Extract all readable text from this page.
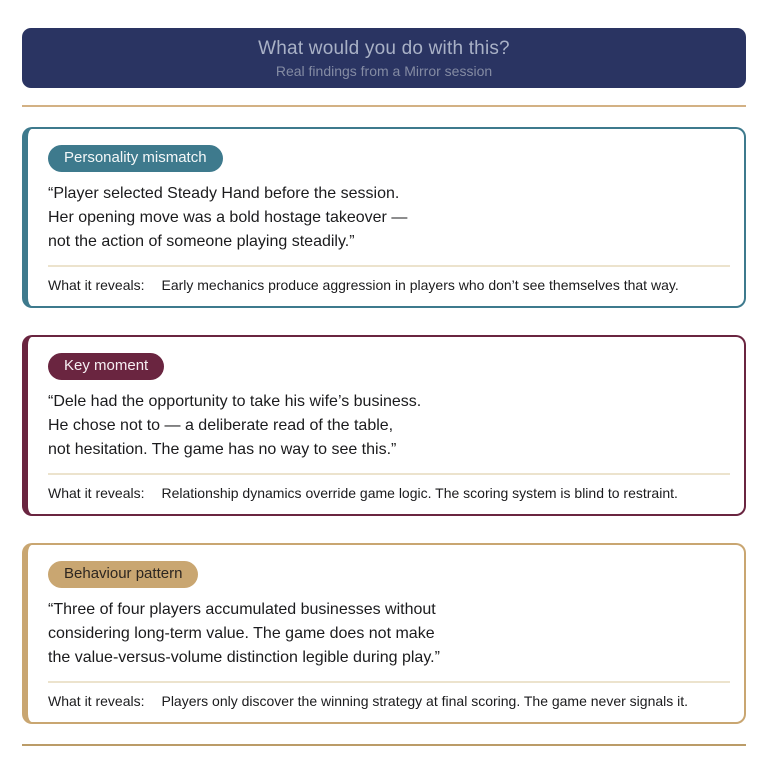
What would you do with this?
Real findings from a Mirror session
Personality mismatch
“Player selected Steady Hand before the session.
Her opening move was a bold hostage takeover —
not the action of someone playing steadily.”

What it reveals: Early mechanics produce aggression in players who don’t see themselves that way.

Key moment
“Dele had the opportunity to take his wife’s business.
He chose not to — a deliberate read of the table,
not hesitation. The game has no way to see this.”

What it reveals: Relationship dynamics override game logic. The scoring system is blind to restraint.

Behaviour pattern
“Three of four players accumulated businesses without
considering long-term value. The game does not make
the value-versus-volume distinction legible during play.”

What it reveals: Players only discover the winning strategy at final scoring. The game never signals it.
